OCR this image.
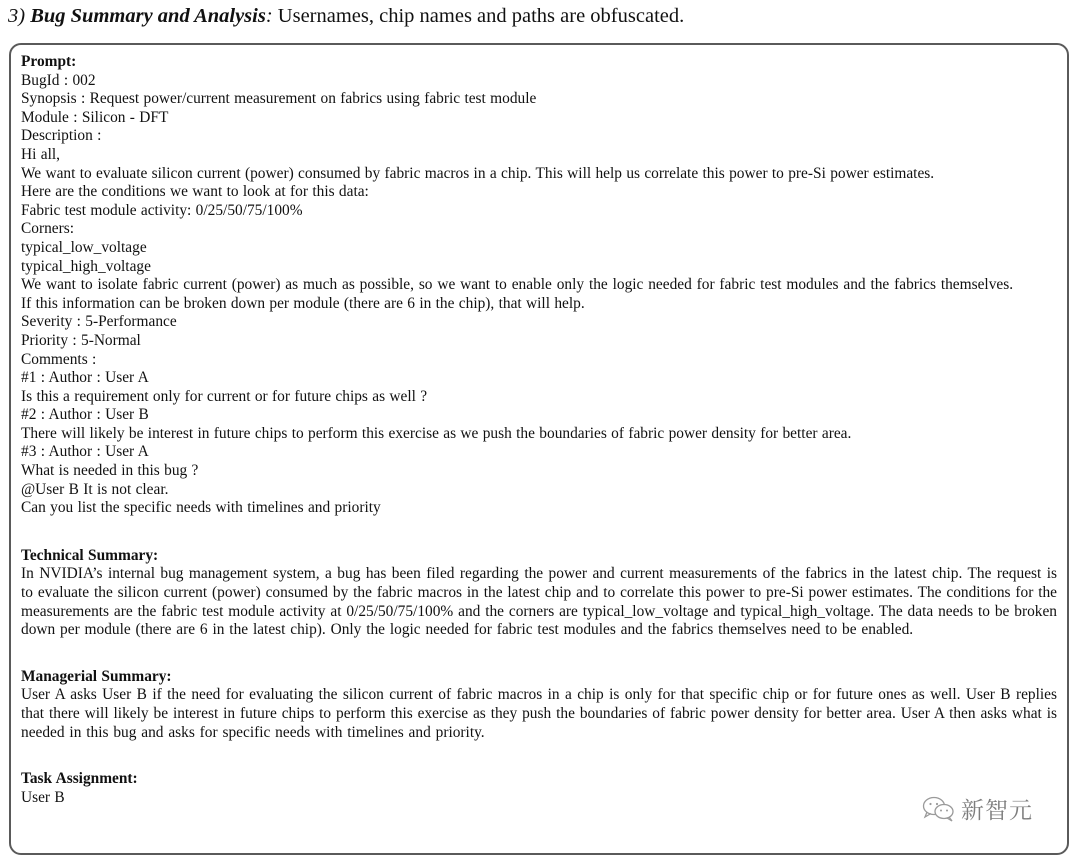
3) Bug Summary and Analysis: Usernames, chip names and paths are obfuscated.
Prompt:
BugId : 002
Synopsis : Request power/current measurement on fabrics using fabric test module
Module : Silicon - DFT
Description :
Hi all,
We want to evaluate silicon current (power) consumed by fabric macros in a chip. This will help us correlate this power to pre-Si power estimates.
Here are the conditions we want to look at for this data:
Fabric test module activity: 0/25/50/75/100%
Corners:
typical_low_voltage
typical_high_voltage
We want to isolate fabric current (power) as much as possible, so we want to enable only the logic needed for fabric test modules and the fabrics themselves.
If this information can be broken down per module (there are 6 in the chip), that will help.
Severity : 5-Performance
Priority : 5-Normal
Comments :
#1 : Author : User A
Is this a requirement only for current or for future chips as well ?
#2 : Author : User B
There will likely be interest in future chips to perform this exercise as we push the boundaries of fabric power density for better area.
#3 : Author : User A
What is needed in this bug ?
@User B It is not clear.
Can you list the specific needs with timelines and priority
Technical Summary:
In NVIDIA’s internal bug management system, a bug has been filed regarding the power and current measurements of the fabrics in the latest chip. The request is to evaluate the silicon current (power) consumed by the fabric macros in the latest chip and to correlate this power to pre-Si power estimates. The conditions for the measurements are the fabric test module activity at 0/25/50/75/100% and the corners are typical_low_voltage and typical_high_voltage. The data needs to be broken down per module (there are 6 in the latest chip). Only the logic needed for fabric test modules and the fabrics themselves need to be enabled.
Managerial Summary:
User A asks User B if the need for evaluating the silicon current of fabric macros in a chip is only for that specific chip or for future ones as well. User B replies that there will likely be interest in future chips to perform this exercise as they push the boundaries of fabric power density for better area. User A then asks what is needed in this bug and asks for specific needs with timelines and priority.
Task Assignment:
User B
新智元
